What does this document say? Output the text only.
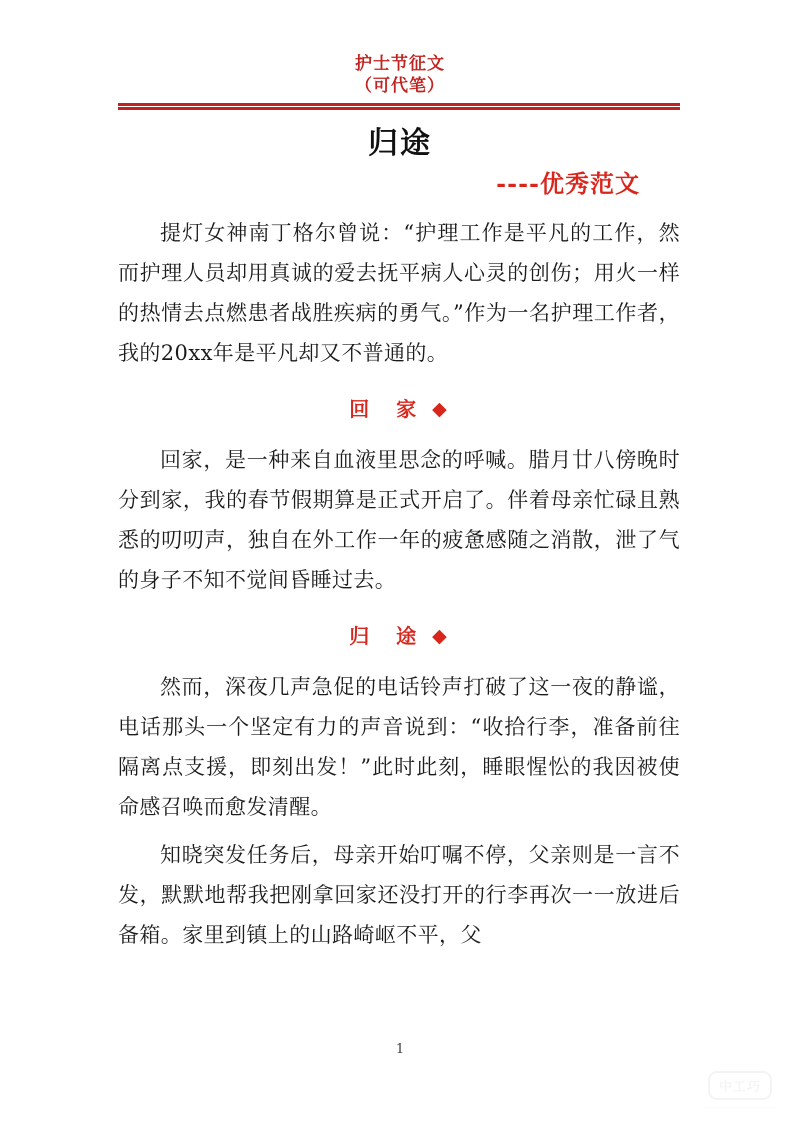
护士节征文
（可代笔）
归途
----优秀范文

提灯女神南丁格尔曾说：“护理工作是平凡的工作，然而护理人员却用真诚的爱去抚平病人心灵的创伤；用火一样的热情去点燃患者战胜疾病的勇气。”作为一名护理工作者，我的20xx年是平凡却又不普通的。

回 家 ◆

回家，是一种来自血液里思念的呼喊。腊月廿八傍晚时分到家，我的春节假期算是正式开启了。伴着母亲忙碌且熟悉的叨叨声，独自在外工作一年的疲惫感随之消散，泄了气的身子不知不觉间昏睡过去。

归 途 ◆

然而，深夜几声急促的电话铃声打破了这一夜的静谧，电话那头一个坚定有力的声音说到：“收拾行李，准备前往隔离点支援，即刻出发！”此时此刻，睡眼惺忪的我因被使命感召唤而愈发清醒。

知晓突发任务后，母亲开始叮嘱不停，父亲则是一言不发，默默地帮我把刚拿回家还没打开的行李再次一一放进后备箱。家里到镇上的山路崎岖不平，父

1
中工巧
——————————
